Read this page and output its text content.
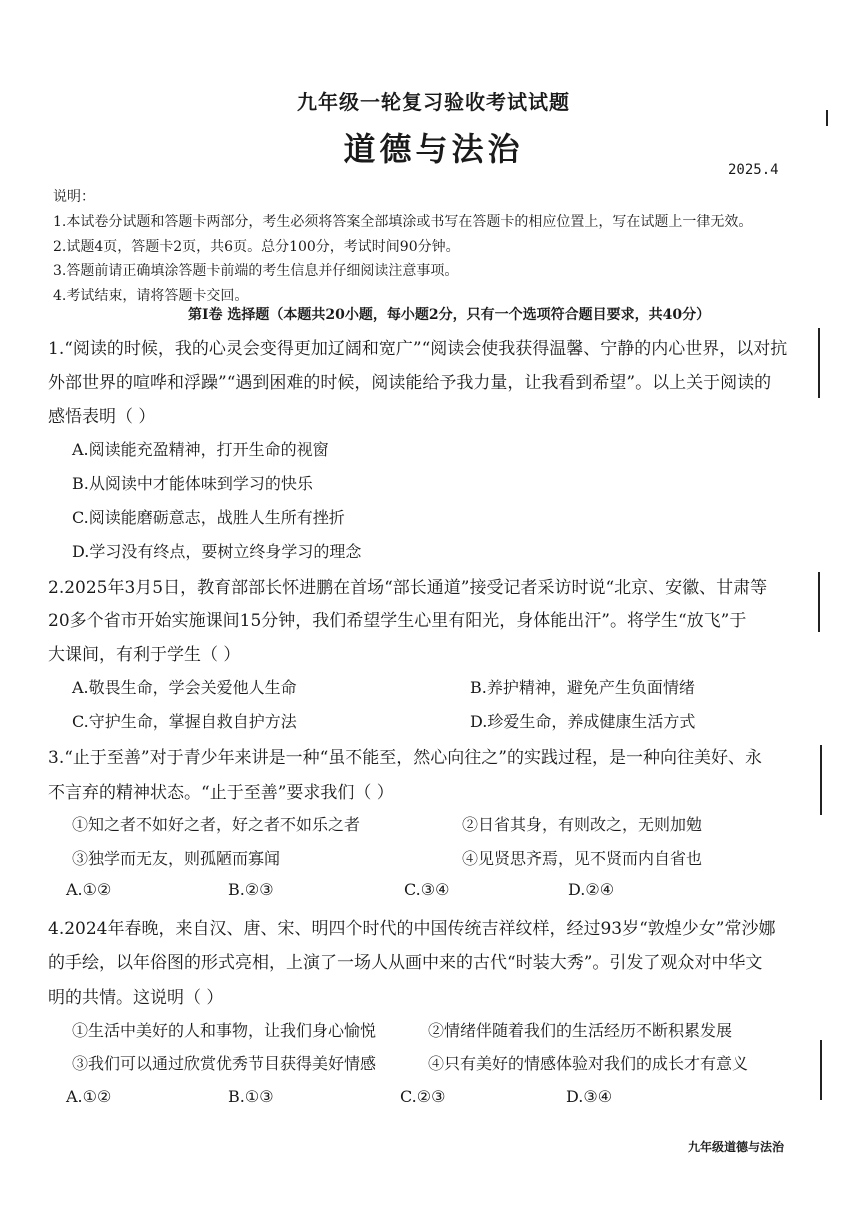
九年级一轮复习验收考试试题
道德与法治
2025.4
说明：
1.本试卷分试题和答题卡两部分，考生必须将答案全部填涂或书写在答题卡的相应位置上，写在试题上一律无效。
2.试题4页，答题卡2页，共6页。总分100分，考试时间90分钟。
3.答题前请正确填涂答题卡前端的考生信息并仔细阅读注意事项。
4.考试结束，请将答题卡交回。
第Ⅰ卷 选择题（本题共20小题，每小题2分，只有一个选项符合题目要求，共40分）
1.“阅读的时候，我的心灵会变得更加辽阔和宽广”“阅读会使我获得温馨、宁静的内心世界，以对抗
外部世界的喧哗和浮躁”“遇到困难的时候，阅读能给予我力量，让我看到希望”。以上关于阅读的
感悟表明（ ）
A.阅读能充盈精神，打开生命的视窗
B.从阅读中才能体味到学习的快乐
C.阅读能磨砺意志，战胜人生所有挫折
D.学习没有终点，要树立终身学习的理念
2.2025年3月5日，教育部部长怀进鹏在首场“部长通道”接受记者采访时说“北京、安徽、甘肃等
20多个省市开始实施课间15分钟，我们希望学生心里有阳光，身体能出汗”。将学生“放飞”于
大课间，有利于学生（ ）
A.敬畏生命，学会关爱他人生命	B.养护精神，避免产生负面情绪
C.守护生命，掌握自救自护方法	D.珍爱生命，养成健康生活方式
3.“止于至善”对于青少年来讲是一种“虽不能至，然心向往之”的实践过程，是一种向往美好、永
不言弃的精神状态。“止于至善”要求我们（ ）
①知之者不如好之者，好之者不如乐之者	②日省其身，有则改之，无则加勉
③独学而无友，则孤陋而寡闻	④见贤思齐焉，见不贤而内自省也
A.①②	B.②③	C.③④	D.②④
4.2024年春晚，来自汉、唐、宋、明四个时代的中国传统吉祥纹样，经过93岁“敦煌少女”常沙娜
的手绘，以年俗图的形式亮相，上演了一场人从画中来的古代“时装大秀”。引发了观众对中华文
明的共情。这说明（ ）
①生活中美好的人和事物，让我们身心愉悦	②情绪伴随着我们的生活经历不断积累发展
③我们可以通过欣赏优秀节目获得美好情感	④只有美好的情感体验对我们的成长才有意义
A.①②	B.①③	C.②③	D.③④
九年级道德与法治
